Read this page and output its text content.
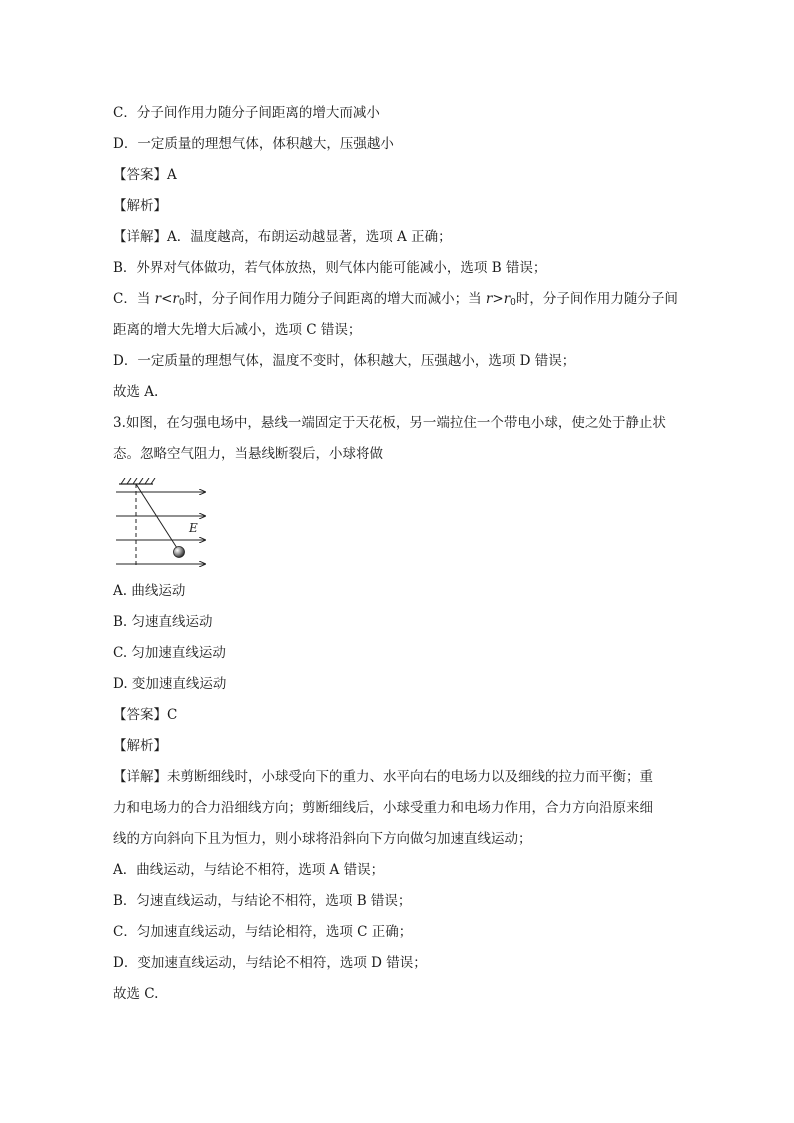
C．分子间作用力随分子间距离的增大而减小
D．一定质量的理想气体，体积越大，压强越小
【答案】A
【解析】
【详解】A．温度越高，布朗运动越显著，选项 A 正确；
B．外界对气体做功，若气体放热，则气体内能可能减小，选项 B 错误；
C．当 $r<r_0$时，分子间作用力随分子间距离的增大而减小；当 $r>r_0$时，分子间作用力随分子间
距离的增大先增大后减小，选项 C 错误；
D．一定质量的理想气体，温度不变时，体积越大，压强越小，选项 D 错误；
故选 A.
3.如图，在匀强电场中，悬线一端固定于天花板，另一端拉住一个带电小球，使之处于静止状
态。忽略空气阻力，当悬线断裂后，小球将做
A. 曲线运动
B. 匀速直线运动
C. 匀加速直线运动
D. 变加速直线运动
【答案】C
【解析】
【详解】未剪断细线时，小球受向下的重力、水平向右的电场力以及细线的拉力而平衡；重
力和电场力的合力沿细线方向；剪断细线后，小球受重力和电场力作用，合力方向沿原来细
线的方向斜向下且为恒力，则小球将沿斜向下方向做匀加速直线运动；
A．曲线运动，与结论不相符，选项 A 错误；
B．匀速直线运动，与结论不相符，选项 B 错误；
C．匀加速直线运动，与结论相符，选项 C 正确；
D．变加速直线运动，与结论不相符，选项 D 错误；
故选 C.
E
